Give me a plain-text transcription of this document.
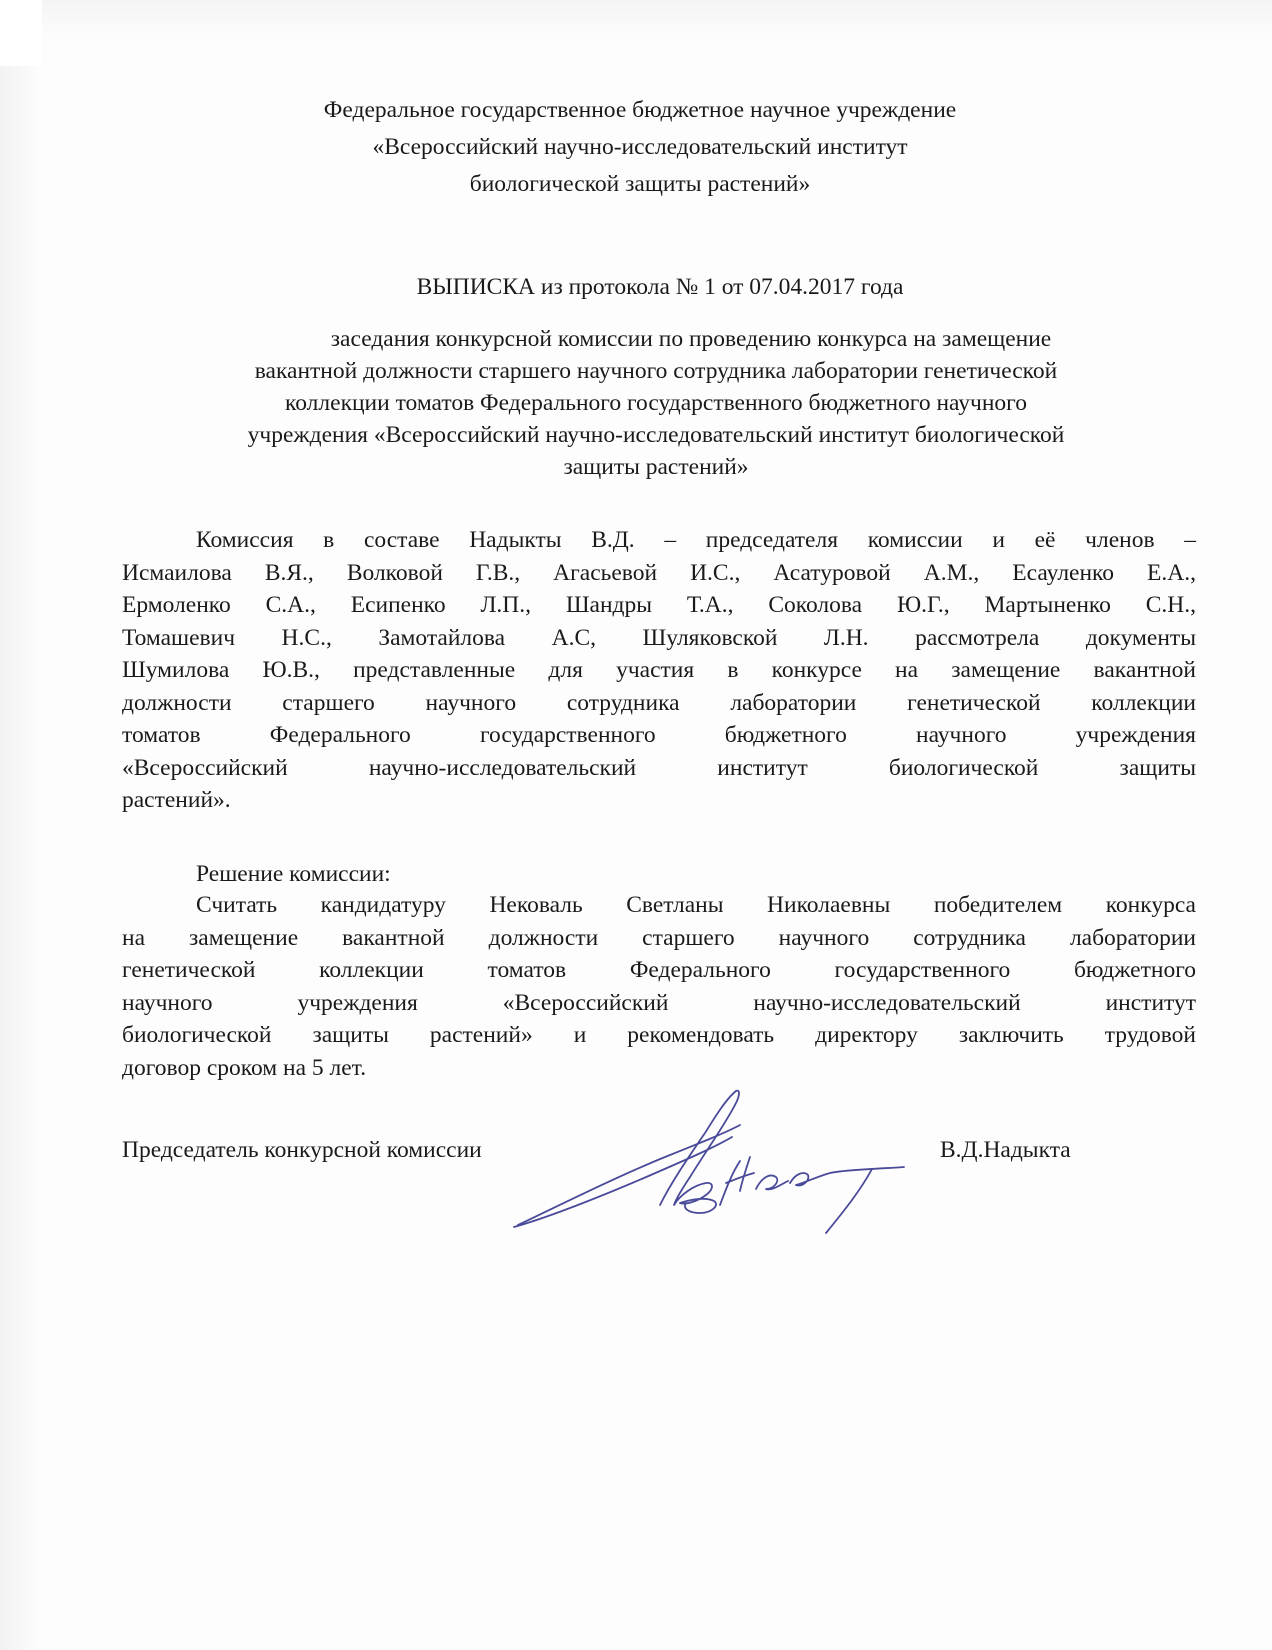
Федеральное государственное бюджетное научное учреждение
«Всероссийский научно-исследовательский институт
биологической защиты растений»
ВЫПИСКА из протокола № 1 от 07.04.2017 года
заседания конкурсной комиссии по проведению конкурса на замещение
вакантной должности старшего научного сотрудника лаборатории генетической
коллекции томатов Федерального государственного бюджетного научного
учреждения «Всероссийский научно-исследовательский институт биологической
защиты растений»
Комиссия в составе Надыкты В.Д. – председателя комиссии и её членов –
Исмаилова В.Я., Волковой Г.В., Агасьевой И.С., Асатуровой А.М., Есауленко Е.А.,
Ермоленко С.А., Есипенко Л.П., Шандры Т.А., Соколова Ю.Г., Мартыненко С.Н.,
Томашевич Н.С., Замотайлова А.С, Шуляковской Л.Н. рассмотрела документы
Шумилова Ю.В., представленные для участия в конкурсе на замещение вакантной
должности старшего научного сотрудника лаборатории генетической коллекции
томатов Федерального государственного бюджетного научного учреждения
«Всероссийский научно-исследовательский институт биологической защиты
растений».
Решение комиссии:
Считать кандидатуру Нековаль Светланы Николаевны победителем конкурса
на замещение вакантной должности старшего научного сотрудника лаборатории
генетической коллекции томатов Федерального государственного бюджетного
научного учреждения «Всероссийский научно-исследовательский институт
биологической защиты растений» и рекомендовать директору заключить трудовой
договор сроком на 5 лет.
Председатель конкурсной комиссии	В.Д.Надыкта
